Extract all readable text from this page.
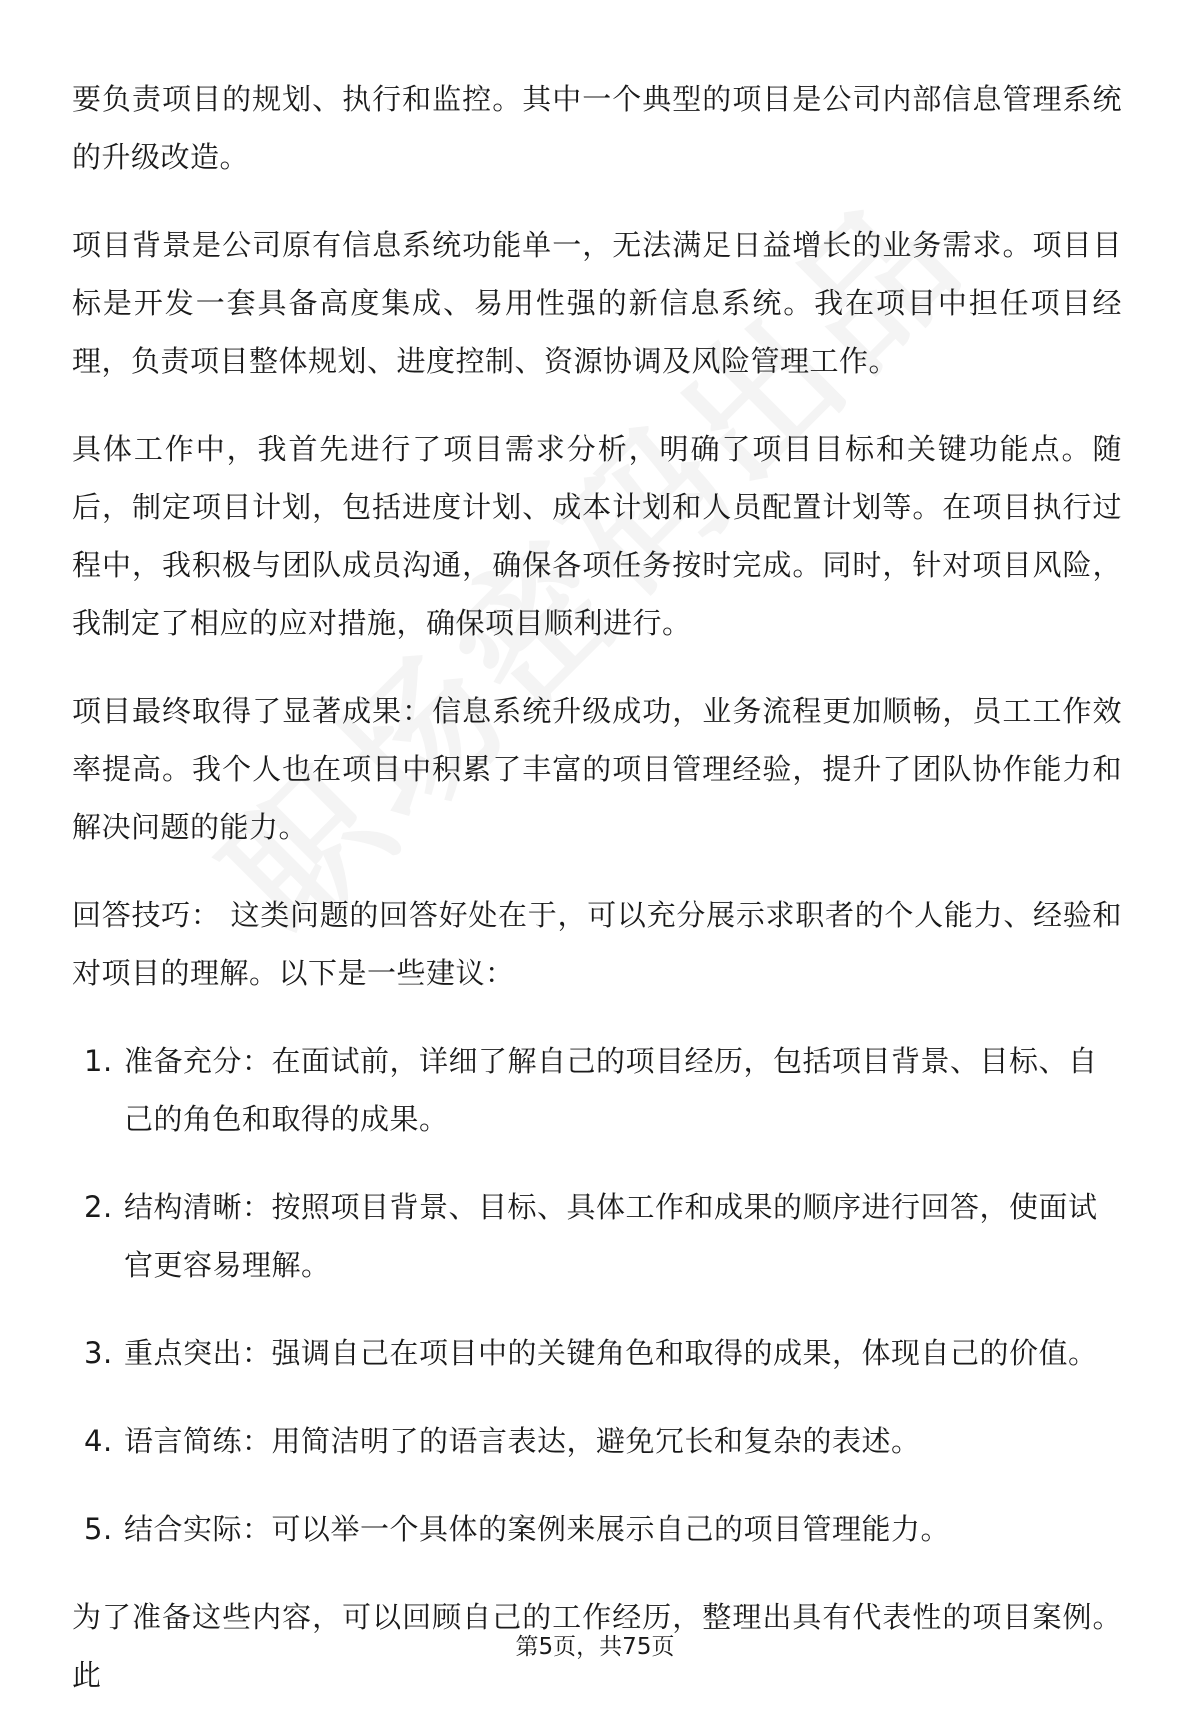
要负责项目的规划、执行和监控。其中一个典型的项目是公司内部信息管理系统的升级改造。

项目背景是公司原有信息系统功能单一，无法满足日益增长的业务需求。项目目标是开发一套具备高度集成、易用性强的新信息系统。我在项目中担任项目经理，负责项目整体规划、进度控制、资源协调及风险管理工作。

具体工作中，我首先进行了项目需求分析，明确了项目目标和关键功能点。随后，制定项目计划，包括进度计划、成本计划和人员配置计划等。在项目执行过程中，我积极与团队成员沟通，确保各项任务按时完成。同时，针对项目风险，我制定了相应的应对措施，确保项目顺利进行。

项目最终取得了显著成果：信息系统升级成功，业务流程更加顺畅，员工工作效率提高。我个人也在项目中积累了丰富的项目管理经验，提升了团队协作能力和解决问题的能力。

回答技巧： 这类问题的回答好处在于，可以充分展示求职者的个人能力、经验和对项目的理解。以下是一些建议：

1. 准备充分：在面试前，详细了解自己的项目经历，包括项目背景、目标、自己的角色和取得的成果。
2. 结构清晰：按照项目背景、目标、具体工作和成果的顺序进行回答，使面试官更容易理解。
3. 重点突出：强调自己在项目中的关键角色和取得的成果，体现自己的价值。
4. 语言简练：用简洁明了的语言表达，避免冗长和复杂的表述。
5. 结合实际：可以举一个具体的案例来展示自己的项目管理能力。

为了准备这些内容，可以回顾自己的工作经历，整理出具有代表性的项目案例。此

第5页，共75页
